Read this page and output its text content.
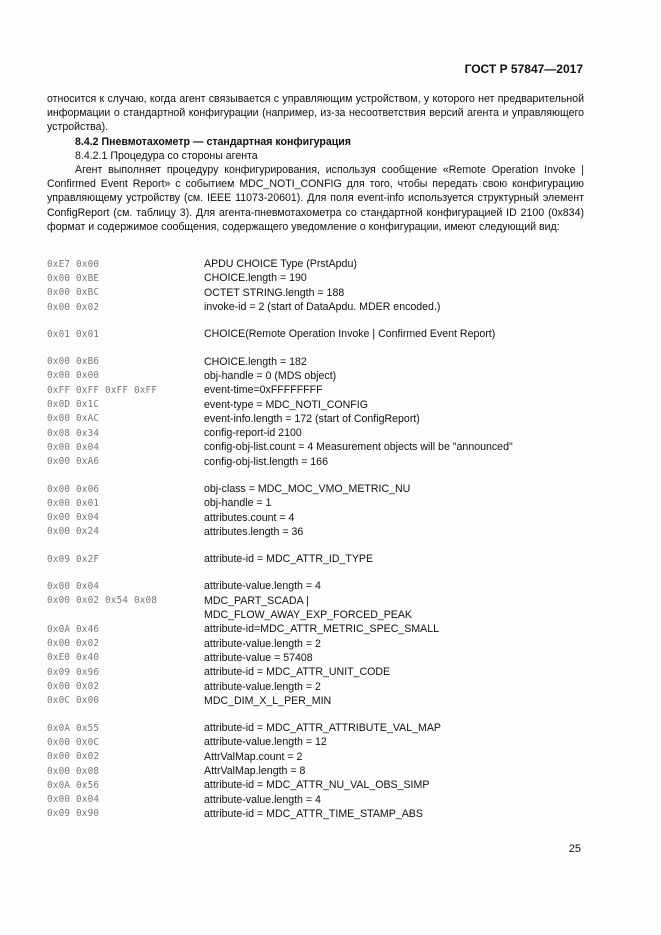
ГОСТ Р 57847—2017

относится к случаю, когда агент связывается с управляющим устройством, у которого нет предварительной информации о стандартной конфигурации (например, из-за несоответствия версий агента и управляющего устройства).

8.4.2 Пневмотахометр — стандартная конфигурация

8.4.2.1 Процедура со стороны агента

Агент выполняет процедуру конфигурирования, используя сообщение «Remote Operation Invoke | Confirmed Event Report» с событием MDC_NOTI_CONFIG для того, чтобы передать свою конфигурацию управляющему устройству (см. IEEE 11073-20601). Для поля event-info используется структурный элемент ConfigReport (см. таблицу 3). Для агента-пневмотахометра со стандартной конфигурацией ID 2100 (0x834) формат и содержимое сообщения, содержащего уведомление о конфигурации, имеют следующий вид:

0xE7 0x00	APDU CHOICE Type (PrstApdu)
0x00 0xBE	CHOICE.length = 190
0x00 0xBC	OCTET STRING.length = 188
0x00 0x02	invoke-id = 2 (start of DataApdu. MDER encoded.)
0x01 0x01	CHOICE(Remote Operation Invoke | Confirmed Event Report)
0x00 0xB6	CHOICE.length = 182
0x00 0x00	obj-handle = 0 (MDS object)
0xFF 0xFF 0xFF 0xFF	event-time=0xFFFFFFFF
0x0D 0x1C	event-type = MDC_NOTI_CONFIG
0x00 0xAC	event-info.length = 172 (start of ConfigReport)
0x08 0x34	config-report-id 2100
0x00 0x04	config-obj-list.count = 4 Measurement objects will be "announced"
0x00 0xA6	config-obj-list.length = 166
0x00 0x06	obj-class = MDC_MOC_VMO_METRIC_NU
0x00 0x01	obj-handle = 1
0x00 0x04	attributes.count = 4
0x00 0x24	attributes.length = 36
0x09 0x2F	attribute-id = MDC_ATTR_ID_TYPE
0x00 0x04	attribute-value.length = 4
0x00 0x02 0x54 0x08	MDC_PART_SCADA |
MDC_FLOW_AWAY_EXP_FORCED_PEAK
0x0A 0x46	attribute-id=MDC_ATTR_METRIC_SPEC_SMALL
0x00 0x02	attribute-value.length = 2
0xE0 0x40	attribute-value = 57408
0x09 0x96	attribute-id = MDC_ATTR_UNIT_CODE
0x00 0x02	attribute-value.length = 2
0x0C 0x00	MDC_DIM_X_L_PER_MIN
0x0A 0x55	attribute-id = MDC_ATTR_ATTRIBUTE_VAL_MAP
0x00 0x0C	attribute-value.length = 12
0x00 0x02	AttrValMap.count = 2
0x00 0x08	AttrValMap.length = 8
0x0A 0x56	attribute-id = MDC_ATTR_NU_VAL_OBS_SIMP
0x00 0x04	attribute-value.length = 4
0x09 0x90	attribute-id = MDC_ATTR_TIME_STAMP_ABS
25
